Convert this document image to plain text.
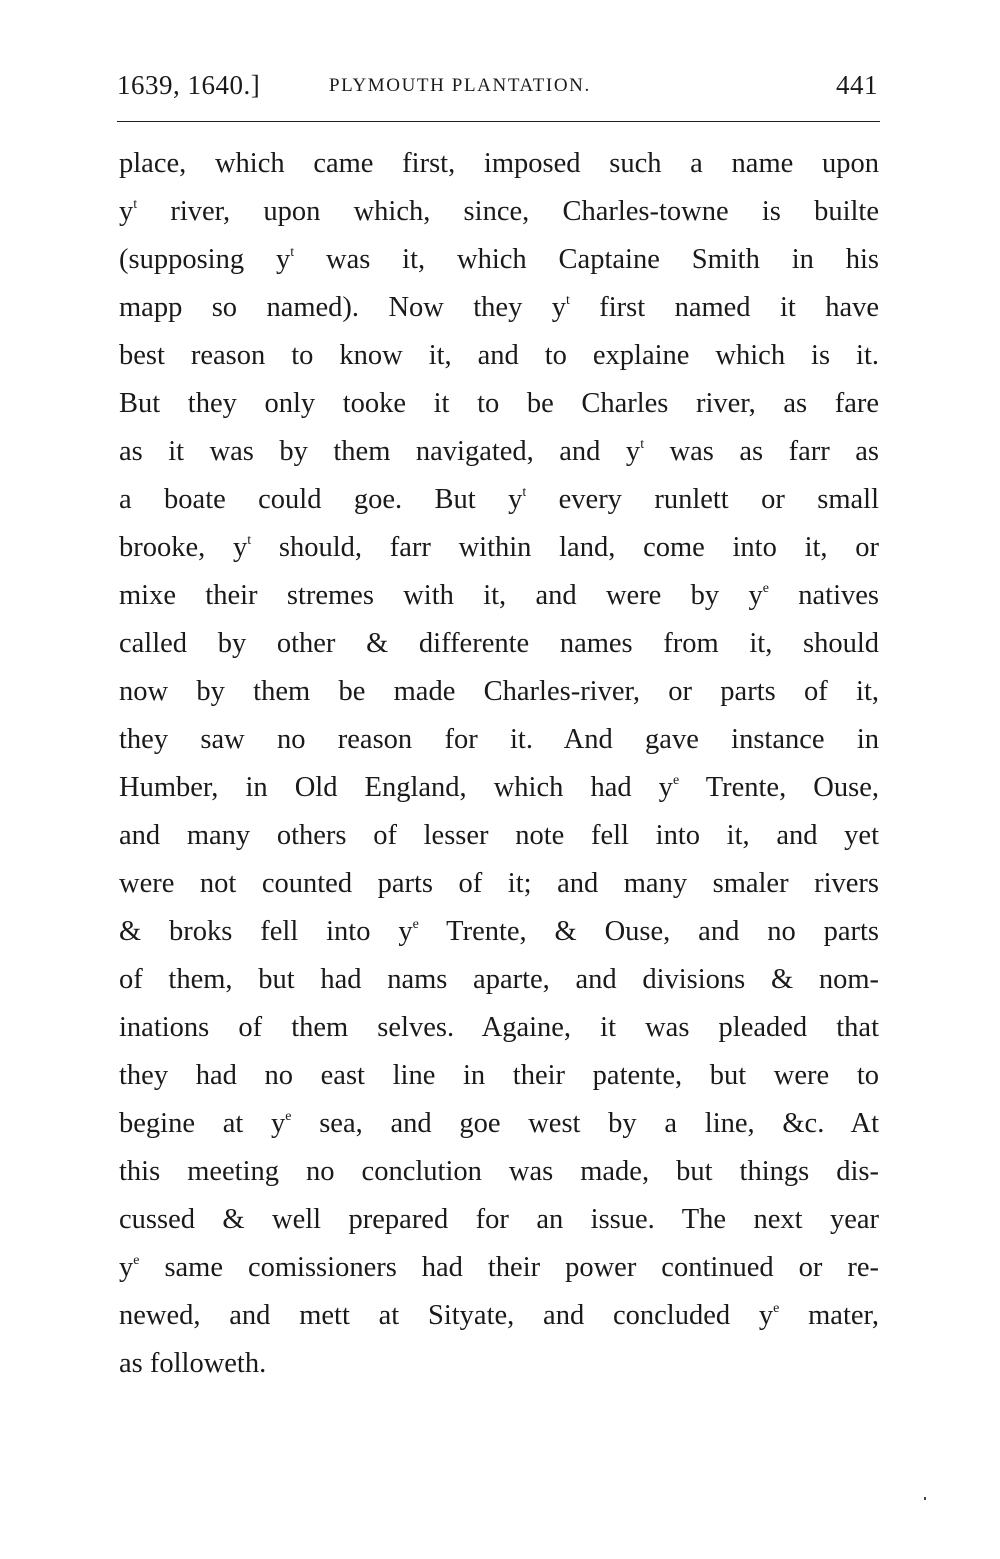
1639, 1640.]	PLYMOUTH PLANTATION.	441
place, which came first, imposed such a name upon
$y^t$ river, upon which, since, Charles-towne is builte
(supposing $y^t$ was it, which Captaine Smith in his
mapp so named). Now they $y^t$ first named it have
best reason to know it, and to explaine which is it.
But they only tooke it to be Charles river, as fare
as it was by them navigated, and $y^t$ was as farr as
a boate could goe. But $y^t$ every runlett or small
brooke, $y^t$ should, farr within land, come into it, or
mixe their stremes with it, and were by $y^e$ natives
called by other & differente names from it, should
now by them be made Charles-river, or parts of it,
they saw no reason for it. And gave instance in
Humber, in Old England, which had $y^e$ Trente, Ouse,
and many others of lesser note fell into it, and yet
were not counted parts of it; and many smaler rivers
& broks fell into $y^e$ Trente, & Ouse, and no parts
of them, but had nams aparte, and divisions & nom-
inations of them selves. Againe, it was pleaded that
they had no east line in their patente, but were to
begine at $y^e$ sea, and goe west by a line, &c. At
this meeting no conclution was made, but things dis-
cussed & well prepared for an issue. The next year
$y^e$ same comissioners had their power continued or re-
newed, and mett at Sityate, and concluded $y^e$ mater,
as followeth.
